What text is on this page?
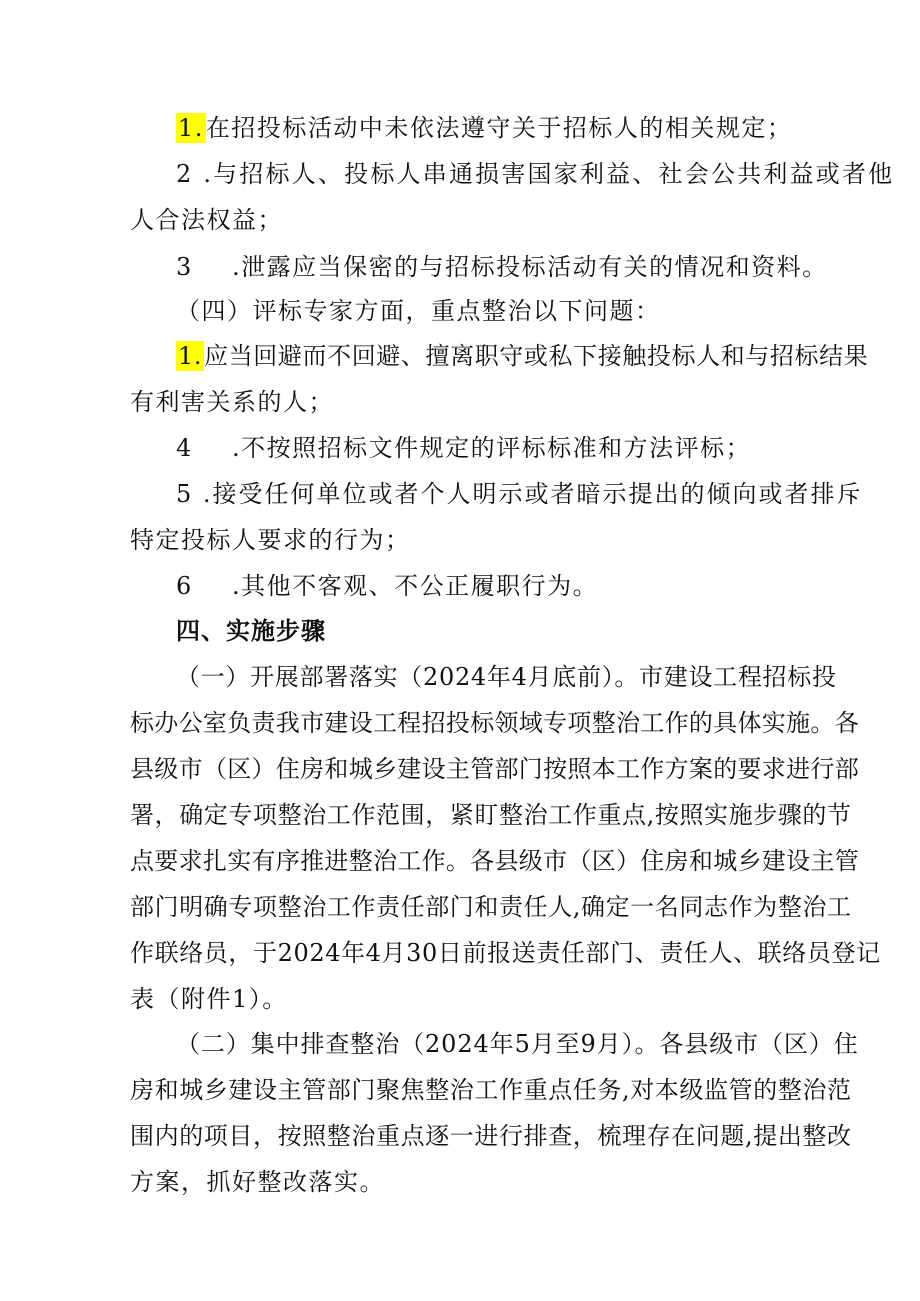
1.在招投标活动中未依法遵守关于招标人的相关规定；
2 .与招标人、投标人串通损害国家利益、社会公共利益或者他
人合法权益；
3 .泄露应当保密的与招标投标活动有关的情况和资料。
（四）评标专家方面，重点整治以下问题：
1.应当回避而不回避、擅离职守或私下接触投标人和与招标结果
有利害关系的人；
4 .不按照招标文件规定的评标标准和方法评标；
5 .接受任何单位或者个人明示或者暗示提出的倾向或者排斥
特定投标人要求的行为；
6 .其他不客观、不公正履职行为。
四、实施步骤
（一）开展部署落实（2024年4月底前）。市建设工程招标投
标办公室负责我市建设工程招投标领域专项整治工作的具体实施。各
县级市（区）住房和城乡建设主管部门按照本工作方案的要求进行部
署，确定专项整治工作范围，紧盯整治工作重点,按照实施步骤的节
点要求扎实有序推进整治工作。各县级市（区）住房和城乡建设主管
部门明确专项整治工作责任部门和责任人,确定一名同志作为整治工
作联络员，于2024年4月30日前报送责任部门、责任人、联络员登记
表（附件1）。
（二）集中排查整治（2024年5月至9月）。各县级市（区）住
房和城乡建设主管部门聚焦整治工作重点任务,对本级监管的整治范
围内的项目，按照整治重点逐一进行排查，梳理存在问题,提出整改
方案，抓好整改落实。
